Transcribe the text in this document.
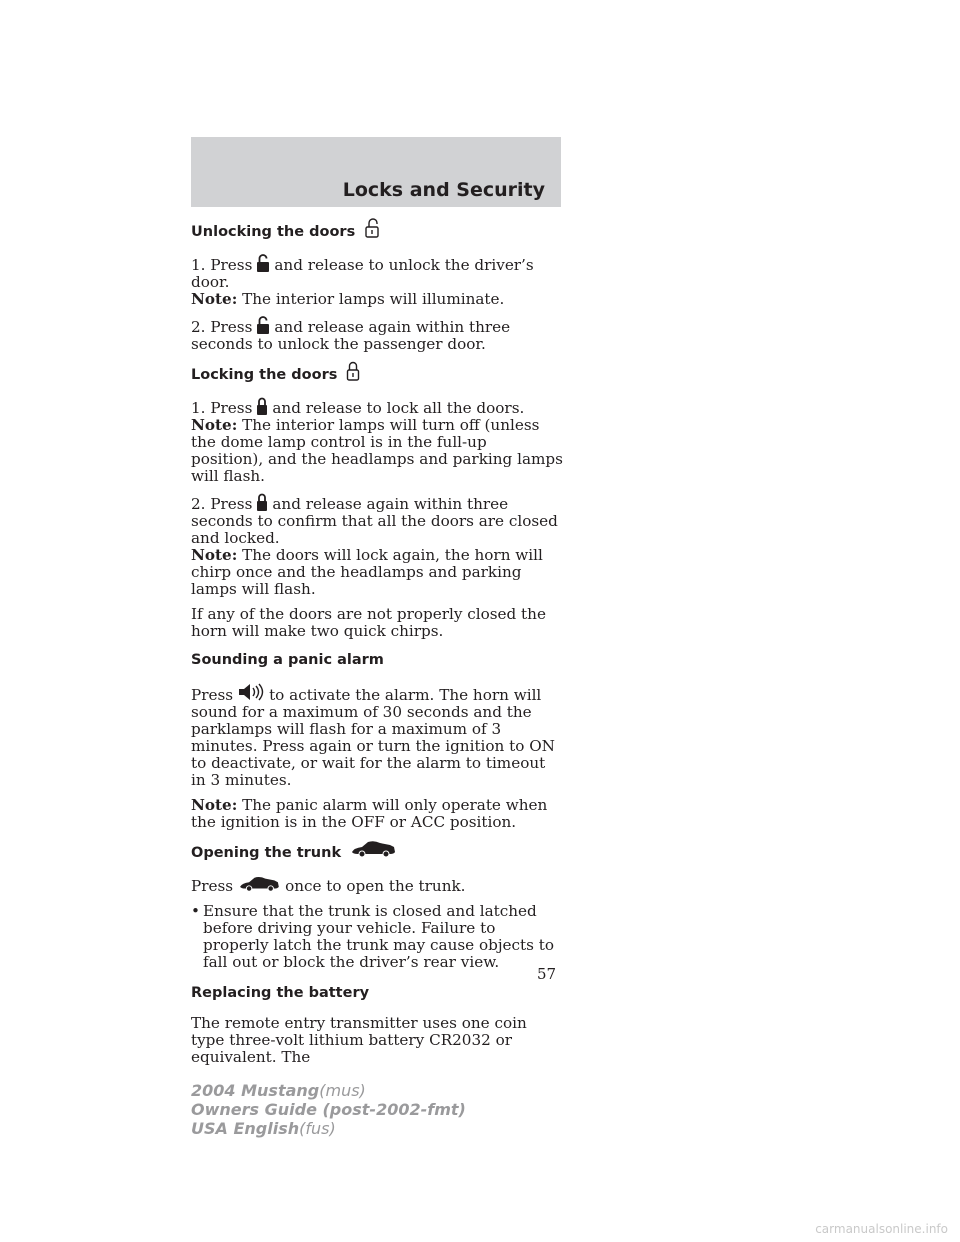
Locks and Security
Unlocking the doors

1. Press and release to unlock the driver’s door.
Note: The interior lamps will illuminate.

2. Press and release again within three seconds to unlock the passenger door.

Locking the doors

1. Press and release to lock all the doors. Note: The interior lamps will turn off (unless the dome lamp control is in the full-up position), and the headlamps and parking lamps will flash.

2. Press and release again within three seconds to confirm that all the doors are closed and locked.
Note: The doors will lock again, the horn will chirp once and the headlamps and parking lamps will flash.

If any of the doors are not properly closed the horn will make two quick chirps.

Sounding a panic alarm

Press to activate the alarm. The horn will sound for a maximum of 30 seconds and the parklamps will flash for a maximum of 3 minutes. Press again or turn the ignition to ON to deactivate, or wait for the alarm to timeout in 3 minutes.

Note: The panic alarm will only operate when the ignition is in the OFF or ACC position.

Opening the trunk

Press	once to open the trunk.

• Ensure that the trunk is closed and latched before driving your vehicle. Failure to properly latch the trunk may cause objects to fall out or block the driver’s rear view.
Replacing the battery

The remote entry transmitter uses one coin type three-volt lithium battery CR2032 or equivalent. The

57
2004 Mustang(mus)
Owners Guide (post-2002-fmt)
USA English(fus)
carmanualsonline.info
